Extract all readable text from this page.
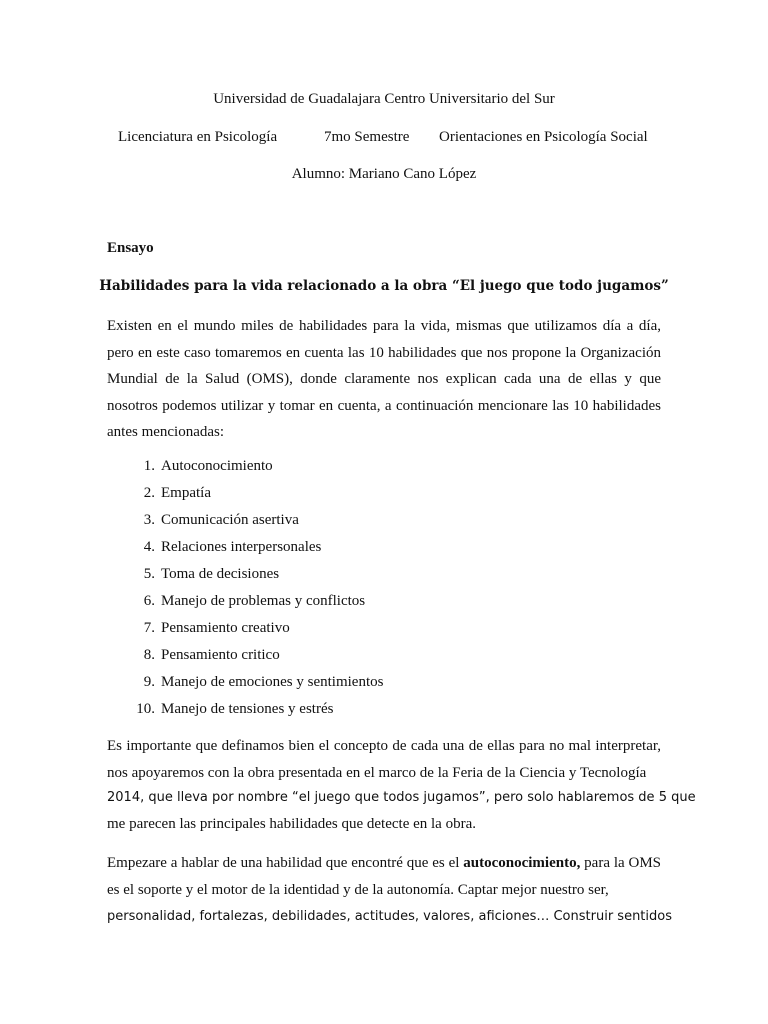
Universidad de Guadalajara Centro Universitario del Sur
Licenciatura en Psicología	7mo Semestre Orientaciones en Psicología Social
Alumno: Mariano Cano López
Ensayo
Habilidades para la vida relacionado a la obra “El juego que todo jugamos”

Existen en el mundo miles de habilidades para la vida, mismas que utilizamos día a día, pero en este caso tomaremos en cuenta las 10 habilidades que nos propone la Organización Mundial de la Salud (OMS), donde claramente nos explican cada una de ellas y que nosotros podemos utilizar y tomar en cuenta, a continuación mencionare las 10 habilidades antes mencionadas:

1. Autoconocimiento
2. Empatía
3. Comunicación asertiva
4. Relaciones interpersonales
5. Toma de decisiones
6. Manejo de problemas y conflictos
7. Pensamiento creativo
8. Pensamiento critico
9. Manejo de emociones y sentimientos
10. Manejo de tensiones y estrés

Es importante que definamos bien el concepto de cada una de ellas para no mal interpretar, nos apoyaremos con la obra presentada en el marco de la Feria de la Ciencia y Tecnología

2014, que lleva por nombre “el juego que todos jugamos”, pero solo hablaremos de 5 que
me parecen las principales habilidades que detecte en la obra.

Empezare a hablar de una habilidad que encontré que es el autoconocimiento, para la OMS es el soporte y el motor de la identidad y de la autonomía. Captar mejor nuestro ser,

personalidad, fortalezas, debilidades, actitudes, valores, aficiones… Construir sentidos
